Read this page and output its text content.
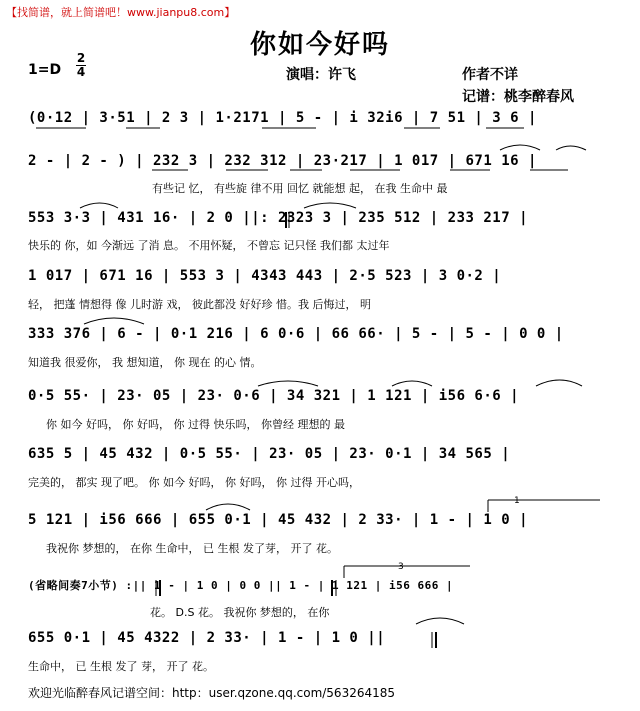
【找简谱，就上简谱吧！www.jianpu8.com】
你如今好吗
1=D
2
4	演唱：许飞	作者不详
记谱：桃李醉春风
(0·12 | 3·51 | 2 3 | 1·2171 | 5 - | i 32i6 | 7 51 | 3 6 |
2 - | 2 - ) | 232 3 | 232 312 | 23·217 | 1 017 | 671 16 |
有些记 忆， 有些旋 律不用 回忆 就能想 起， 在我 生命中 最
553 3·3 | 431 16· | 2 0 ||: 2323 3 | 235 512 | 233 217 |
快乐的 你，如 今渐远 了消 息。 不用怀疑， 不曾忘 记只怪 我们都 太过年
1 017 | 671 16 | 553 3 | 4343 443 | 2·5 523 | 3 0·2 |
轻， 把蓬 情想得 像 儿时游 戏， 彼此都没 好好珍 惜。我 后悔过， 明
333 376 | 6 - | 0·1 216 | 6 0·6 | 66 66· | 5 - | 5 - | 0 0 |
知道我 很爱你， 我 想知道， 你 现在 的心 情。
0·5 55· | 23· 05 | 23· 0·6 | 34 321 | 1 121 | i56 6·6 |
你 如今 好吗， 你 好吗， 你 过得 快乐吗， 你曾经 理想的 最
635 5 | 45 432 | 0·5 55· | 23· 05 | 23· 0·1 | 34 565 |
完美的， 都实 现了吧。 你 如今 好吗， 你 好吗， 你 过得 开心吗，
5 121 | i56 666 | 655 0·1 | 45 432 | 2 33· | 1 - | 1 0 |
我祝你 梦想的， 在你 生命中， 已 生根 发了芽， 开了 花。
(省略间奏7小节) :|| 1 - | 1 0 | 0 0 || 1 - | 1 121 | i56 666 |
花。 D.S 花。 我祝你 梦想的， 在你
655 0·1 | 45 4322 | 2 33· | 1 - | 1 0 ||
生命中， 已 生根 发了 芽， 开了 花。
1
3
欢迎光临醉春风记谱空间：http：user.qzone.qq.com/563264185
